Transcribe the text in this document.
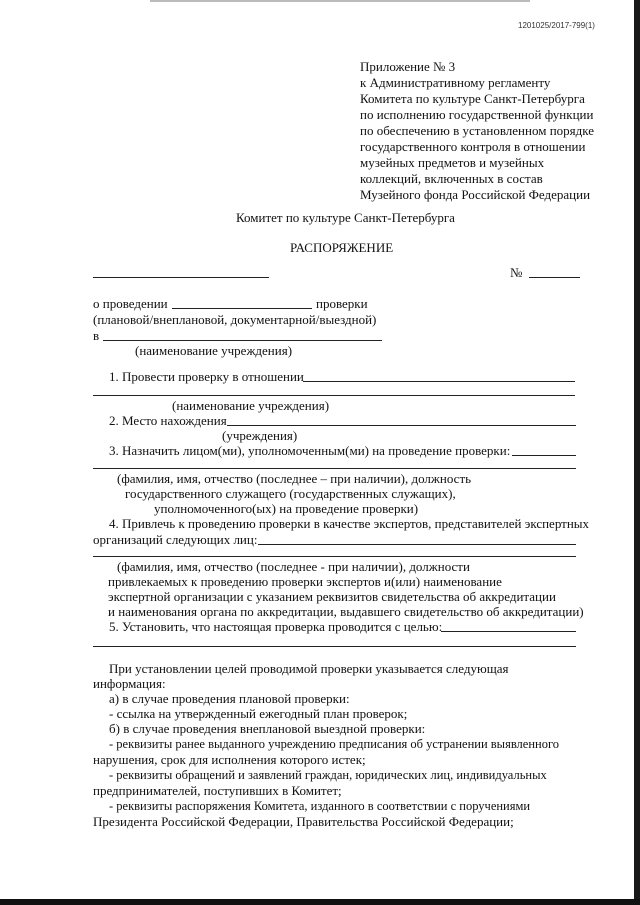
1201025/2017-799(1)
Приложение № 3
к Административному регламенту
Комитета по культуре Санкт-Петербурга
по исполнению государственной функции
по обеспечению в установленном порядке
государственного контроля в отношении
музейных предметов и музейных
коллекций, включенных в состав
Музейного фонда Российской Федерации
Комитет по культуре Санкт-Петербурга
РАСПОРЯЖЕНИЕ
№
о проведении	проверки
(плановой/внеплановой, документарной/выездной)
в
(наименование учреждения)
1. Провести проверку в отношении
(наименование учреждения)
2. Место нахождения
(учреждения)
3. Назначить лицом(ми), уполномоченным(ми) на проведение проверки:
(фамилия, имя, отчество (последнее – при наличии), должность
государственного служащего (государственных служащих),
уполномоченного(ых) на проведение проверки)
4. Привлечь к проведению проверки в качестве экспертов, представителей экспертных
организаций следующих лиц:
(фамилия, имя, отчество (последнее - при наличии), должности
привлекаемых к проведению проверки экспертов и(или) наименование
экспертной организации с указанием реквизитов свидетельства об аккредитации
и наименования органа по аккредитации, выдавшего свидетельство об аккредитации)
5. Установить, что настоящая проверка проводится с целью:
При установлении целей проводимой проверки указывается следующая
информация:
а) в случае проведения плановой проверки:
- ссылка на утвержденный ежегодный план проверок;
б) в случае проведения внеплановой выездной проверки:
- реквизиты ранее выданного учреждению предписания об устранении выявленного
нарушения, срок для исполнения которого истек;
- реквизиты обращений и заявлений граждан, юридических лиц, индивидуальных
предпринимателей, поступивших в Комитет;
- реквизиты распоряжения Комитета, изданного в соответствии с поручениями
Президента Российской Федерации, Правительства Российской Федерации;
